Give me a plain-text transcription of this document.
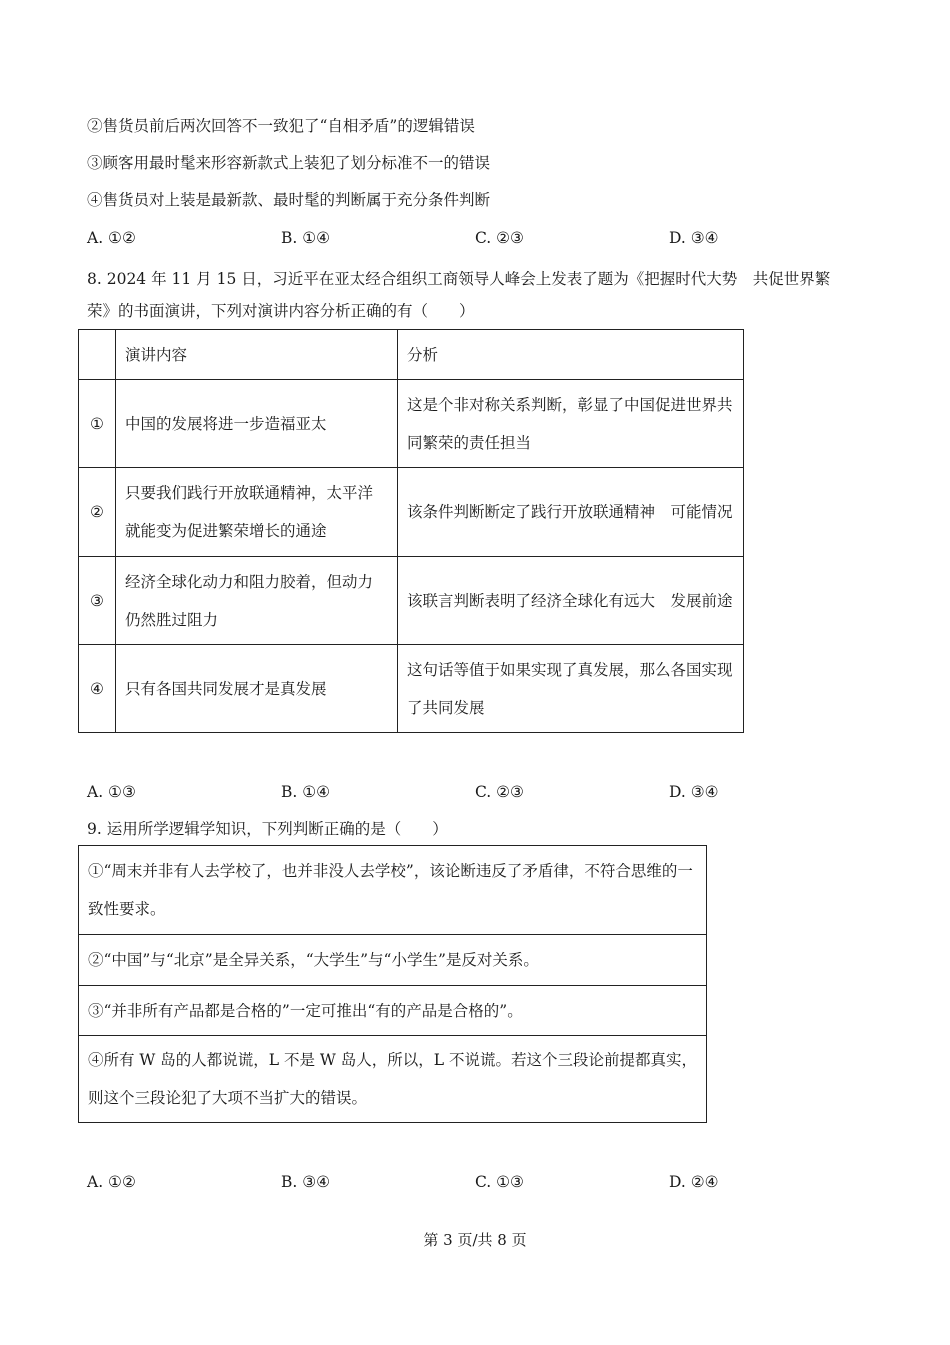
②售货员前后两次回答不一致犯了“自相矛盾”的逻辑错误
③顾客用最时髦来形容新款式上装犯了划分标准不一的错误
④售货员对上装是最新款、最时髦的判断属于充分条件判断
A. ①②	B. ①④	C. ②③	D. ③④
8. 2024 年 11 月 15 日，习近平在亚太经合组织工商领导人峰会上发表了题为《把握时代大势　共促世界繁
荣》的书面演讲，下列对演讲内容分析正确的有（　　）
	演讲内容	分析
①	中国的发展将进一步造福亚太	这是个非对称关系判断，彰显了中国促进世界共同繁荣的责任担当

②	只要我们践行开放联通精神，太平洋就能变为促进繁荣增长的通途	该条件判断断定了践行开放联通精神　可能情况

③	经济全球化动力和阻力胶着，但动力仍然胜过阻力	该联言判断表明了经济全球化有远大　发展前途

④	只有各国共同发展才是真发展	这句话等值于如果实现了真发展，那么各国实现了共同发展
A. ①③	B. ①④	C. ②③	D. ③④
9. 运用所学逻辑学知识，下列判断正确的是（　　）
①“周末并非有人去学校了，也并非没人去学校”，该论断违反了矛盾律，不符合思维的一致性要求。

②“中国”与“北京”是全异关系，“大学生”与“小学生”是反对关系。

③“并非所有产品都是合格的”一定可推出“有的产品是合格的”。

④所有 W 岛的人都说谎，L 不是 W 岛人，所以，L 不说谎。若这个三段论前提都真实，则这个三段论犯了大项不当扩大的错误。
A. ①②	B. ③④	C. ①③	D. ②④
第 3 页/共 8 页
